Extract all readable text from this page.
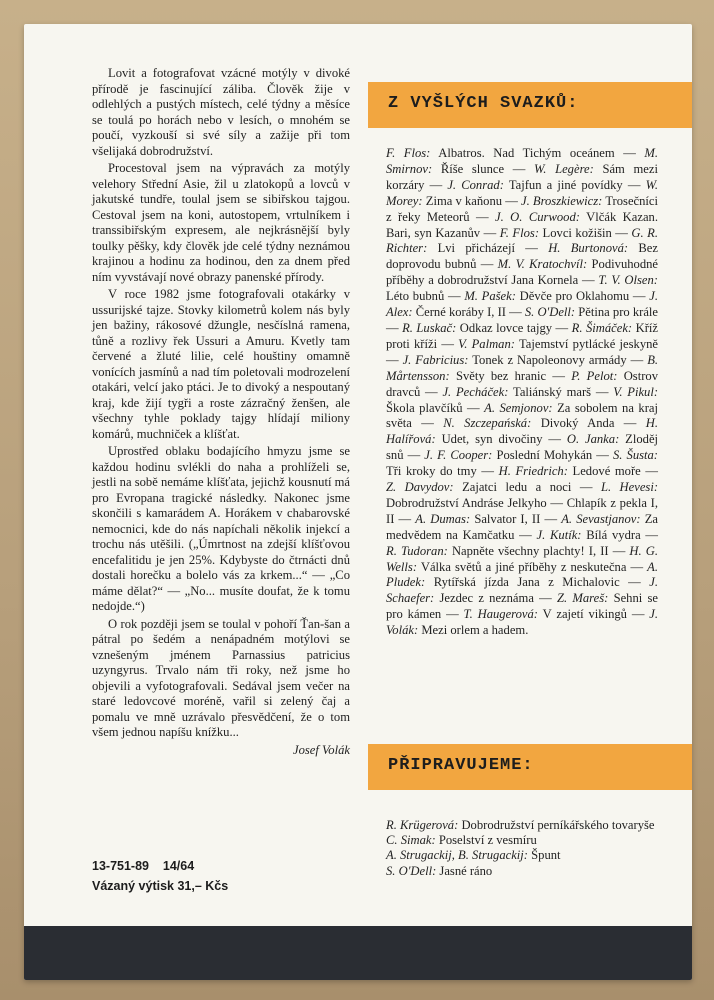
Lovit a fotografovat vzácné motýly v divoké přírodě je fascinující záliba. Člověk žije v odlehlých a pustých místech, celé týdny a měsíce se toulá po horách nebo v lesích, o mnohém se poučí, vyzkouší si své síly a zažije při tom všelijaká dobrodružství.

Procestoval jsem na výpravách za motýly velehory Střední Asie, žil u zlatokopů a lovců v jakutské tundře, toulal jsem se sibiřskou tajgou. Cestoval jsem na koni, autostopem, vrtulníkem i transsibiřským expresem, ale nejkrásnější byly toulky pěšky, kdy člověk jde celé týdny neznámou krajinou a hodinu za hodinou, den za dnem před ním vyvstávají nové obrazy panenské přírody.

V roce 1982 jsme fotografovali otakárky v ussurijské tajze. Stovky kilometrů kolem nás byly jen bažiny, rákosové džungle, nesčíslná ramena, tůně a rozlivy řek Ussuri a Amuru. Kvetly tam červené a žluté lilie, celé houštiny omamně vonících jasmínů a nad tím poletovali modrozelení otakári, velcí jako ptáci. Je to divoký a nespoutaný kraj, kde žijí tygři a roste zázračný ženšen, ale všechny tyhle poklady tajgy hlídají miliony komárů, muchniček a klíšťat.

Uprostřed oblaku bodajícího hmyzu jsme se každou hodinu svlékli do naha a prohlíželi se, jestli na sobě nemáme klíšťata, jejichž kousnutí má pro Evropana tragické následky. Nakonec jsme skončili s kamarádem A. Horákem v chabarovské nemocnici, kde do nás napíchali několik injekcí a trochu nás utěšili. („Úmrtnost na zdejší klíšťovou encefalitidu je jen 25%. Kdybyste do čtrnácti dnů dostali horečku a bolelo vás za krkem...“ — „Co máme dělat?“ — „No... musíte doufat, že k tomu nedojde.“)

O rok později jsem se toulal v pohoří Ťan-šan a pátral po šedém a nenápadném motýlovi se vznešeným jménem Parnassius patricius uzyngyrus. Trvalo nám tři roky, než jsme ho objevili a vyfotografovali. Sedával jsem večer na staré ledovcové moréně, vařil si zelený čaj a pomalu ve mně uzrávalo přesvědčení, že o tom všem jednou napíšu knížku...

Josef Volák
13-751-89    14/64
Vázaný výtisk 31,– Kčs
Z VYŠLÝCH SVAZKŮ:
F. Flos: Albatros. Nad Tichým oceánem — M. Smirnov: Říše slunce — W. Legère: Sám mezi korzáry — J. Conrad: Tajfun a jiné povídky — W. Morey: Zima v kaňonu — J. Broszkiewicz: Trosečníci z řeky Meteorů — J. O. Curwood: Vlčák Kazan. Bari, syn Kazanův — F. Flos: Lovci kožišin — G. R. Richter: Lvi přicházejí — H. Burtonová: Bez doprovodu bubnů — M. V. Kratochvíl: Podivuhodné příběhy a dobrodružství Jana Kornela — T. V. Olsen: Léto bubnů — M. Pašek: Děvče pro Oklahomu — J. Alex: Černé koráby I, II — S. O'Dell: Pětina pro krále — R. Luskač: Odkaz lovce tajgy — R. Šimáček: Kříž proti kříži — V. Palman: Tajemství pytlácké jeskyně — J. Fabricius: Tonek z Napoleonovy armády — B. Mårtensson: Světy bez hranic — P. Pelot: Ostrov dravců — J. Pecháček: Taliánský marš — V. Pikul: Škola plavčíků — A. Semjonov: Za sobolem na kraj světa — N. Szczepańská: Divoký Anda — H. Halířová: Udet, syn divočiny — O. Janka: Zloděj snů — J. F. Cooper: Poslední Mohykán — S. Šusta: Tři kroky do tmy — H. Friedrich: Ledové moře — Z. Davydov: Zajatci ledu a noci — L. Hevesi: Dobrodružství Andráse Jelkyho — Chlapík z pekla I, II — A. Dumas: Salvator I, II — A. Sevastjanov: Za medvědem na Kamčatku — J. Kutík: Bílá vydra — R. Tudoran: Napněte všechny plachty! I, II — H. G. Wells: Válka světů a jiné příběhy z neskutečna — A. Pludek: Rytířská jízda Jana z Michalovic — J. Schaefer: Jezdec z neznáma — Z. Mareš: Sehni se pro kámen — T. Haugerová: V zajetí vikingů — J. Volák: Mezi orlem a hadem.
PŘIPRAVUJEME:
R. Krügerová: Dobrodružství perníkářského tovaryše
C. Simak: Poselství z vesmíru
A. Strugackij, B. Strugackij: Špunt
S. O'Dell: Jasné ráno
